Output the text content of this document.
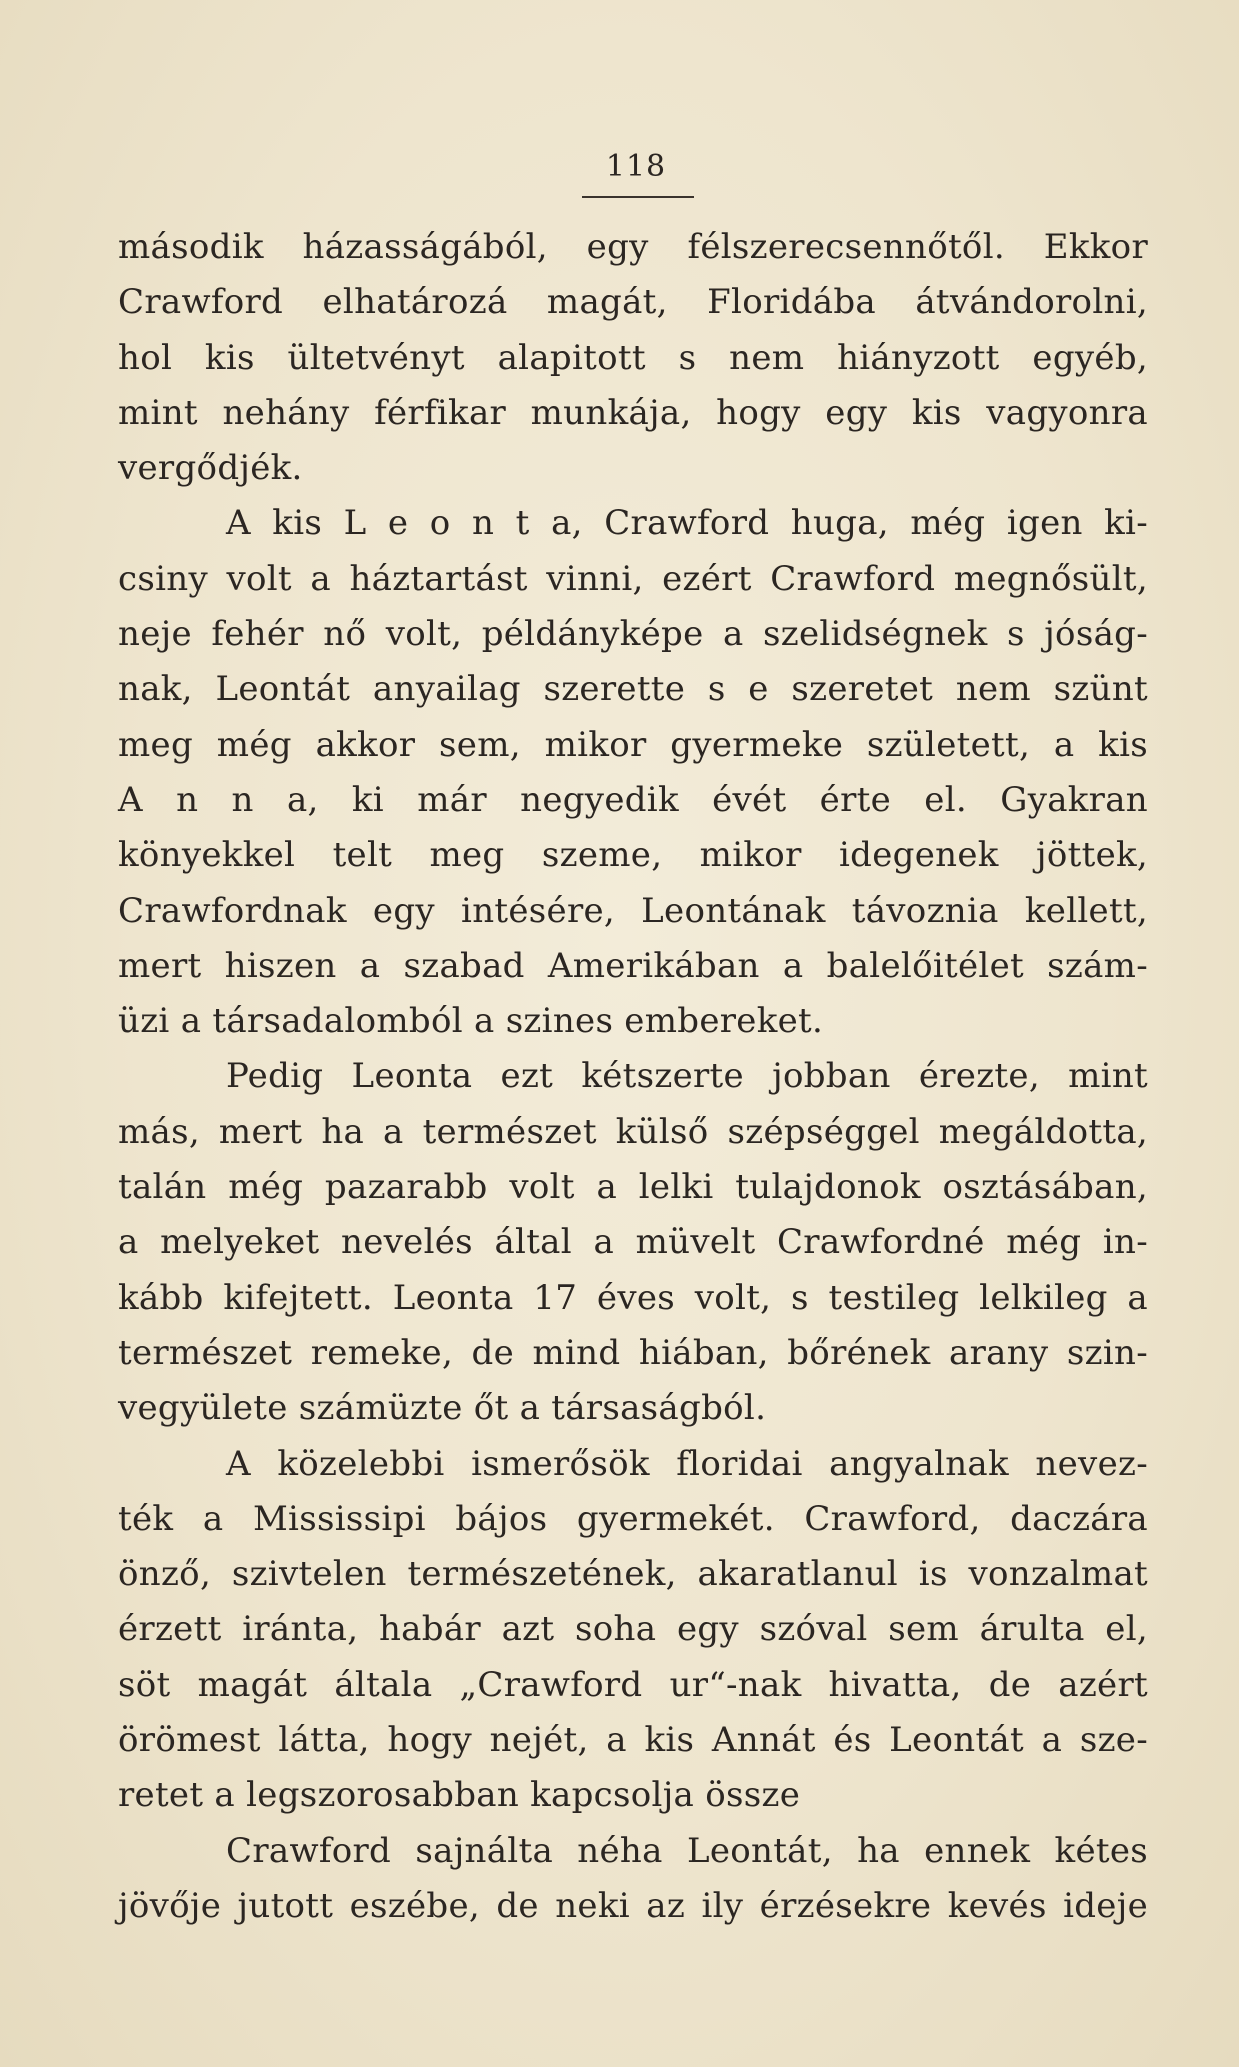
118
második házasságából, egy félszerecsennőtől. Ekkor
Crawford elhatározá magát, Floridába átvándorolni,
hol kis ültetvényt alapitott s nem hiányzott egyéb,
mint nehány férfikar munkája, hogy egy kis vagyonra
vergődjék.
A kis L e o n t a, Crawford huga, még igen ki-
csiny volt a háztartást vinni, ezért Crawford megnősült,
neje fehér nő volt, példányképe a szelidségnek s jóság-
nak, Leontát anyailag szerette s e szeretet nem szünt
meg még akkor sem, mikor gyermeke született, a kis
A n n a, ki már negyedik évét érte el. Gyakran
könyekkel telt meg szeme, mikor idegenek jöttek,
Crawfordnak egy intésére, Leontának távoznia kellett,
mert hiszen a szabad Amerikában a balelőitélet szám-
üzi a társadalomból a szines embereket.
Pedig Leonta ezt kétszerte jobban érezte, mint
más, mert ha a természet külső szépséggel megáldotta,
talán még pazarabb volt a lelki tulajdonok osztásában,
a melyeket nevelés által a müvelt Crawfordné még in-
kább kifejtett. Leonta 17 éves volt, s testileg lelkileg a
természet remeke, de mind hiában, bőrének arany szin-
vegyülete számüzte őt a társaságból.
A közelebbi ismerősök floridai angyalnak nevez-
ték a Mississipi bájos gyermekét. Crawford, daczára
önző, szivtelen természetének, akaratlanul is vonzalmat
érzett iránta, habár azt soha egy szóval sem árulta el,
söt magát általa „Crawford ur“-nak hivatta, de azért
örömest látta, hogy nejét, a kis Annát és Leontát a sze-
retet a legszorosabban kapcsolja össze
Crawford sajnálta néha Leontát, ha ennek kétes
jövője jutott eszébe, de neki az ily érzésekre kevés ideje
